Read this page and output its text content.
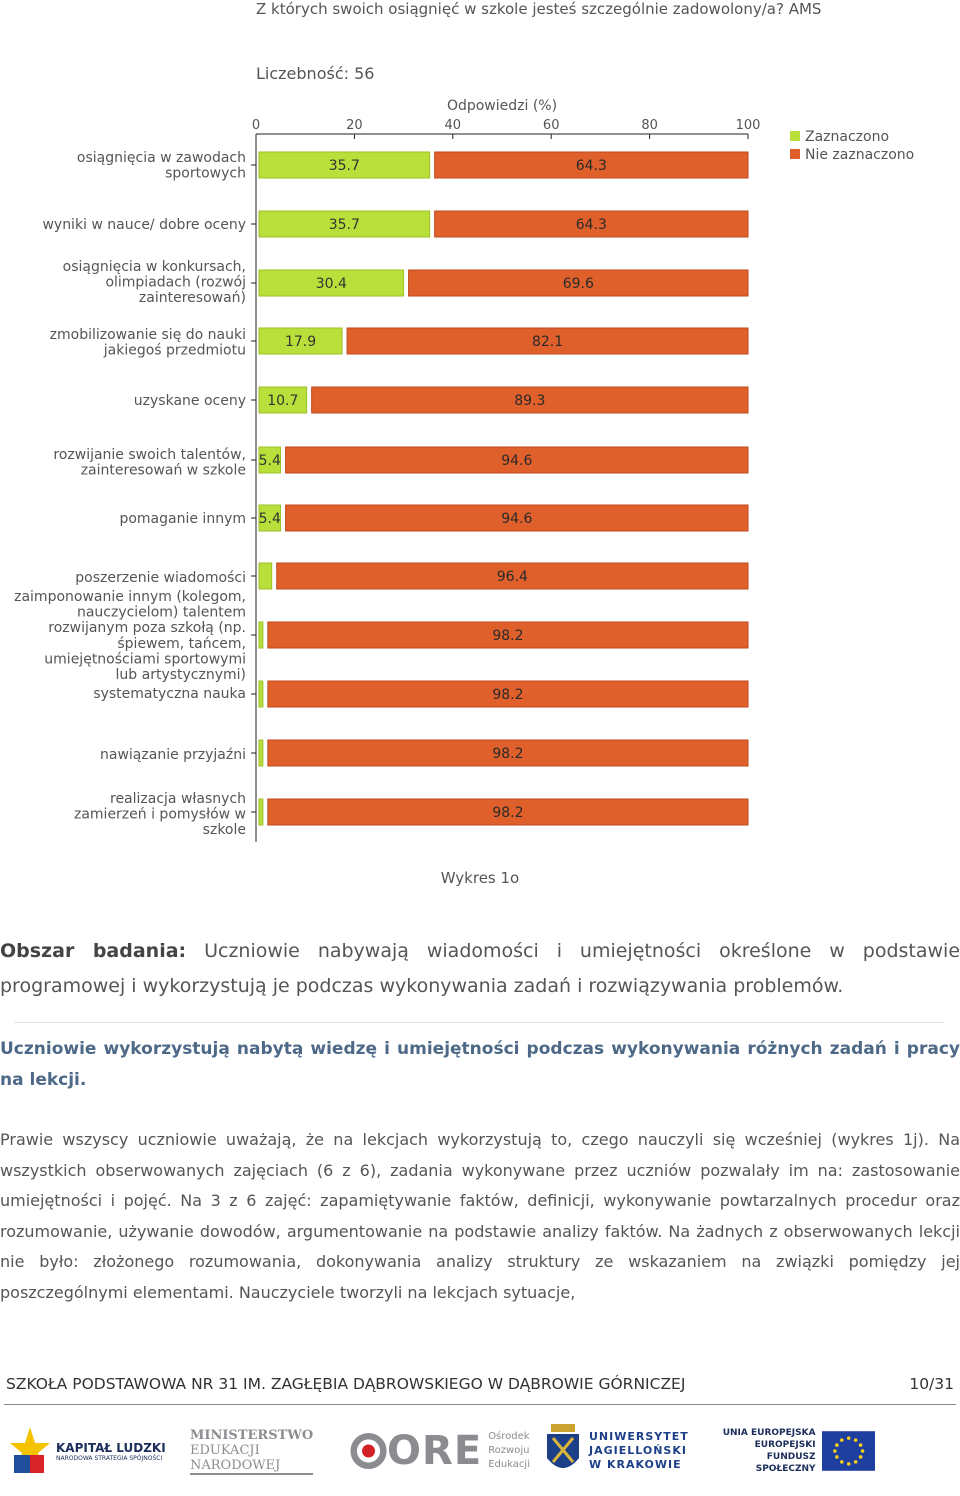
Z których swoich osiągnięć w szkole jesteś szczególnie zadowolony/a? AMS
Liczebność: 56
Odpowiedzi (%)
0	20	40	60	80	100
Zaznaczono
Nie zaznaczono
osiągnięcia w zawodach
sportowych
wyniki w nauce/ dobre oceny
osiągnięcia w konkursach,
olimpiadach (rozwój
zainteresowań)
zmobilizowanie się do nauki
jakiegoś przedmiotu
uzyskane oceny
rozwijanie swoich talentów,
zainteresowań w szkole
pomaganie innym
poszerzenie wiadomości
zaimponowanie innym (kolegom,
nauczycielom) talentem
rozwijanym poza szkołą (np.
śpiewem, tańcem,
umiejętnościami sportowymi
lub artystycznymi)
systematyczna nauka
nawiązanie przyjaźni
realizacja własnych
zamierzeń i pomysłów w
szkole
35.7	64.3
35.7	64.3
30.4	69.6
17.9	82.1
10.7	89.3
5.4	94.6
5.4	94.6
96.4
98.2
98.2
98.2
98.2
Wykres 1o
Obszar badania: Uczniowie nabywają wiadomości i umiejętności określone w podstawie programowej i wykorzystują je podczas wykonywania zadań i rozwiązywania problemów.
Uczniowie wykorzystują nabytą wiedzę i umiejętności podczas wykonywania różnych zadań i pracy na lekcji.
Prawie wszyscy uczniowie uważają, że na lekcjach wykorzystują to, czego nauczyli się wcześniej (wykres 1j). Na wszystkich obserwowanych zajęciach (6 z 6), zadania wykonywane przez uczniów pozwalały im na: zastosowanie umiejętności i pojęć. Na 3 z 6 zajęć: zapamiętywanie faktów, definicji, wykonywanie powtarzalnych procedur oraz rozumowanie, używanie dowodów, argumentowanie na podstawie analizy faktów. Na żadnych z obserwowanych lekcji nie było: złożonego rozumowania, dokonywania analizy struktury ze wskazaniem na związki pomiędzy jej poszczególnymi elementami. Nauczyciele tworzyli na lekcjach sytuacje,
SZKOŁA PODSTAWOWA NR 31 IM. ZAGŁĘBIA DĄBROWSKIEGO W DĄBROWIE GÓRNICZEJ	10/31
KAPITAŁ LUDZKI
NARODOWA STRATEGIA SPÓJNOŚCI
MINISTERSTWO
EDUKACJI
NARODOWEJ	ORE Ośrodek
Rozwoju
Edukacji
UNIWERSYTET
JAGIELLOŃSKI
W KRAKOWIE
UNIA EUROPEJSKA
EUROPEJSKI
FUNDUSZ SPOŁECZNY
